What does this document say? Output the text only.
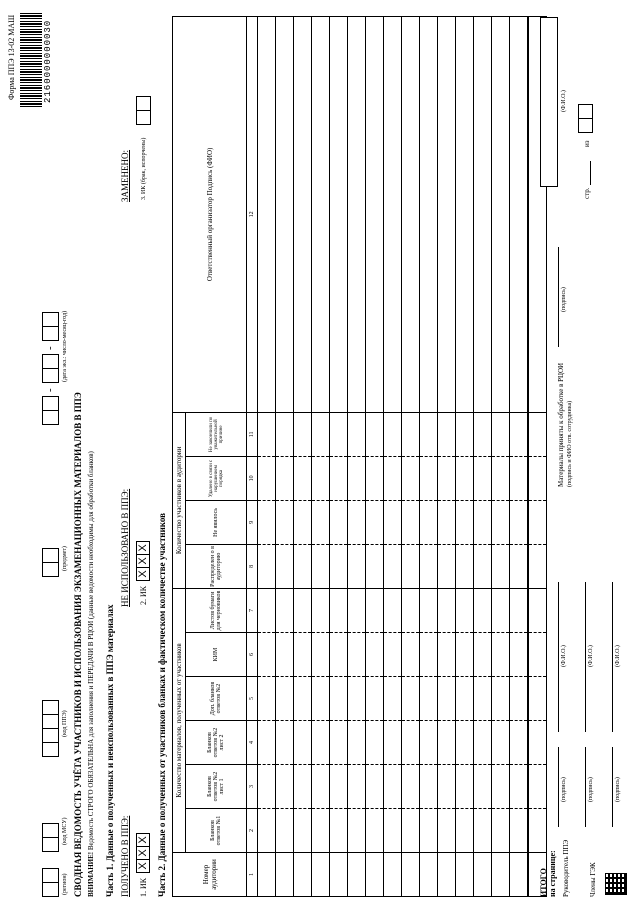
(регион)
(код МСУ)
(код ППЭ)
(предмет)
-
- (дата экз.: число-месяц-год)
Форма ППЭ 13-02 МАШ	2160000000030
СВОДНАЯ ВЕДОМОСТЬ УЧЁТА УЧАСТНИКОВ И ИСПОЛЬЗОВАНИЯ ЭКЗАМЕНАЦИОННЫХ МАТЕРИАЛОВ В ППЭ ВНИМАНИЕ! Ведомость СТРОГО ОБЯЗАТЕЛЬНА для заполнения и ПЕРЕДАЧИ В РЦОИ (данные ведомости необходимы для обработки бланков) Часть 1. Данные о полученных и неиспользованных в ППЭ материалах ПОЛУЧЕНО В ППЭ:
НЕ ИСПОЛЬЗОВАНО В ППЭ:
ЗАМЕНЕНО:
1. ИК
X
X
X
2. ИК
X
X
X
3. ИК (брак, испорчены)
Часть 2. Данные о полученных от участников бланках и фактическом количестве участников	Номер аудитории	Количество материалов, полученных от участников						Количество участников в аудитории				Ответственный организатор Подпись (ФИО)
	Бланков ответов №1	Бланков ответов №2 лист 1	Бланков ответов №2 лист 2	Доп. бланков ответов №2	КИМ	Листов бумаги для черновиков	Распределен о в аудиторию	Не явилось	Удалено в связи с нарушением порядка	Не закончили по уважительной причине	
1	2	3	4	5	6	7	8	9	10	11	12

ИТОГО на странице: Руководитель ППЭ
(подпись)
(Ф.И.О.)
Члены ГЭК
(подпись)
(Ф.И.О.)
(подпись)
(Ф.И.О.)
Материалы приняты к обработке в РЦОИ (подпись и ФИО отв. сотрудника)
(подпись)
(Ф.И.О.)
стр.
из
